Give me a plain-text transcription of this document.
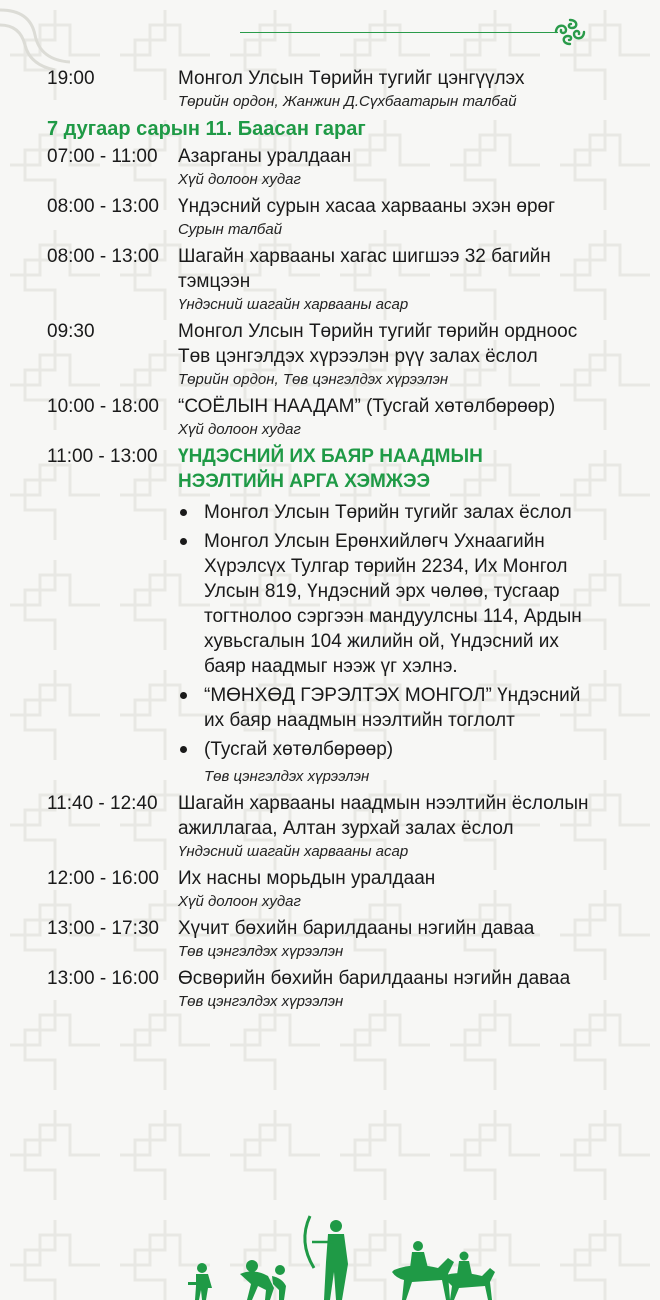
19:00	Монгол Улсын Төрийн тугийг цэнгүүлэх
Төрийн ордон, Жанжин Д.Сүхбаатарын талбай
7 дугаар сарын 11. Баасан гараг
07:00 - 11:00	Азарганы уралдаан
Хүй долоон худаг
08:00 - 13:00	Үндэсний сурын хасаа харвааны эхэн өрөг
Сурын талбай
08:00 - 13:00	Шагайн харвааны хагас шигшээ 32 багийн тэмцээн
Үндэсний шагайн харвааны асар
09:30	Монгол Улсын Төрийн тугийг төрийн ордноос Төв цэнгэлдэх хүрээлэн рүү залах ёслол
Төрийн ордон, Төв цэнгэлдэх хүрээлэн
10:00 - 18:00	“СОЁЛЫН НААДАМ” (Тусгай хөтөлбөрөөр)
Хүй долоон худаг
11:00 - 13:00	ҮНДЭСНИЙ ИХ БАЯР НААДМЫН НЭЭЛТИЙН АРГА ХЭМЖЭЭ
Монгол Улсын Төрийн тугийг залах ёслол
Монгол Улсын Ерөнхийлөгч Ухнаагийн Хүрэлсүх Тулгар төрийн 2234, Их Монгол Улсын 819, Үндэсний эрх чөлөө, тусгаар тогтнолоо сэргээн мандуулсны 114, Ардын хувьсгалын 104 жилийн ой, Үндэсний их баяр наадмыг нээж үг хэлнэ.
“МӨНХӨД ГЭРЭЛТЭХ МОНГОЛ” Үндэсний их баяр наадмын нээлтийн тоглолт
(Тусгай хөтөлбөрөөр)
Төв цэнгэлдэх хүрээлэн
11:40 - 12:40	Шагайн харвааны наадмын нээлтийн ёслолын ажиллагаа, Алтан зурхай залах ёслол
Үндэсний шагайн харвааны асар
12:00 - 16:00	Их насны морьдын уралдаан
Хүй долоон худаг
13:00 - 17:30	Хүчит бөхийн барилдааны нэгийн даваа
Төв цэнгэлдэх хүрээлэн
13:00 - 16:00	Өсвөрийн бөхийн барилдааны нэгийн даваа
Төв цэнгэлдэх хүрээлэн
